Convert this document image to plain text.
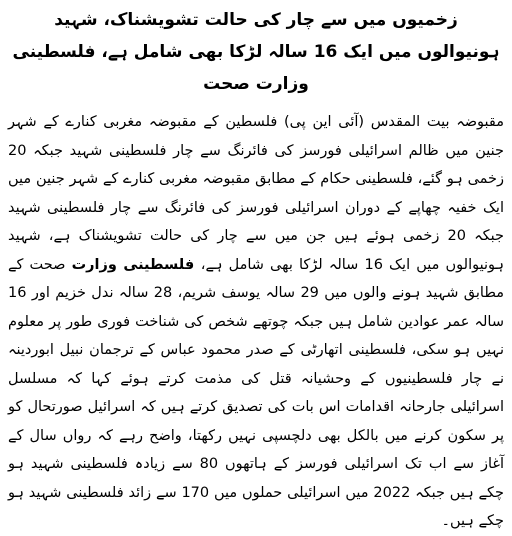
زخمیوں میں سے چار کی حالت تشویشناک، شہید ہونیوالوں میں ایک 16 سالہ لڑکا بھی شامل ہے، فلسطینی وزارت صحت

مقبوضہ بیت المقدس (آئی این پی) فلسطین کے مقبوضہ مغربی کنارے کے شہر جنین میں ظالم اسرائیلی فورسز کی فائرنگ سے چار فلسطینی شہید جبکہ 20 زخمی ہو گئے، فلسطینی حکام کے مطابق مقبوضہ مغربی کنارے کے شہر جنین میں ایک خفیہ چھاپے کے دوران اسرائیلی فورسز کی فائرنگ سے چار فلسطینی شہید جبکہ 20 زخمی ہوئے ہیں جن میں سے چار کی حالت تشویشناک ہے، شہید ہونیوالوں میں ایک 16 سالہ لڑکا بھی شامل ہے، فلسطینی وزارت صحت کے مطابق شہید ہونے والوں میں 29 سالہ یوسف شریم، 28 سالہ ندل خزیم اور 16 سالہ عمر عوادین شامل ہیں جبکہ چوتھے شخص کی شناخت فوری طور پر معلوم نہیں ہو سکی، فلسطینی اتھارٹی کے صدر محمود عباس کے ترجمان نبیل ابوردینہ نے چار فلسطینیوں کے وحشیانہ قتل کی مذمت کرتے ہوئے کہا کہ مسلسل اسرائیلی جارحانہ اقدامات اس بات کی تصدیق کرتے ہیں کہ اسرائیل صورتحال کو پر سکون کرنے میں بالکل بھی دلچسپی نہیں رکھتا، واضح رہے کہ رواں سال کے آغاز سے اب تک اسرائیلی فورسز کے ہاتھوں 80 سے زیادہ فلسطینی شہید ہو چکے ہیں جبکہ 2022 میں اسرائیلی حملوں میں 170 سے زائد فلسطینی شہید ہو چکے ہیں۔
